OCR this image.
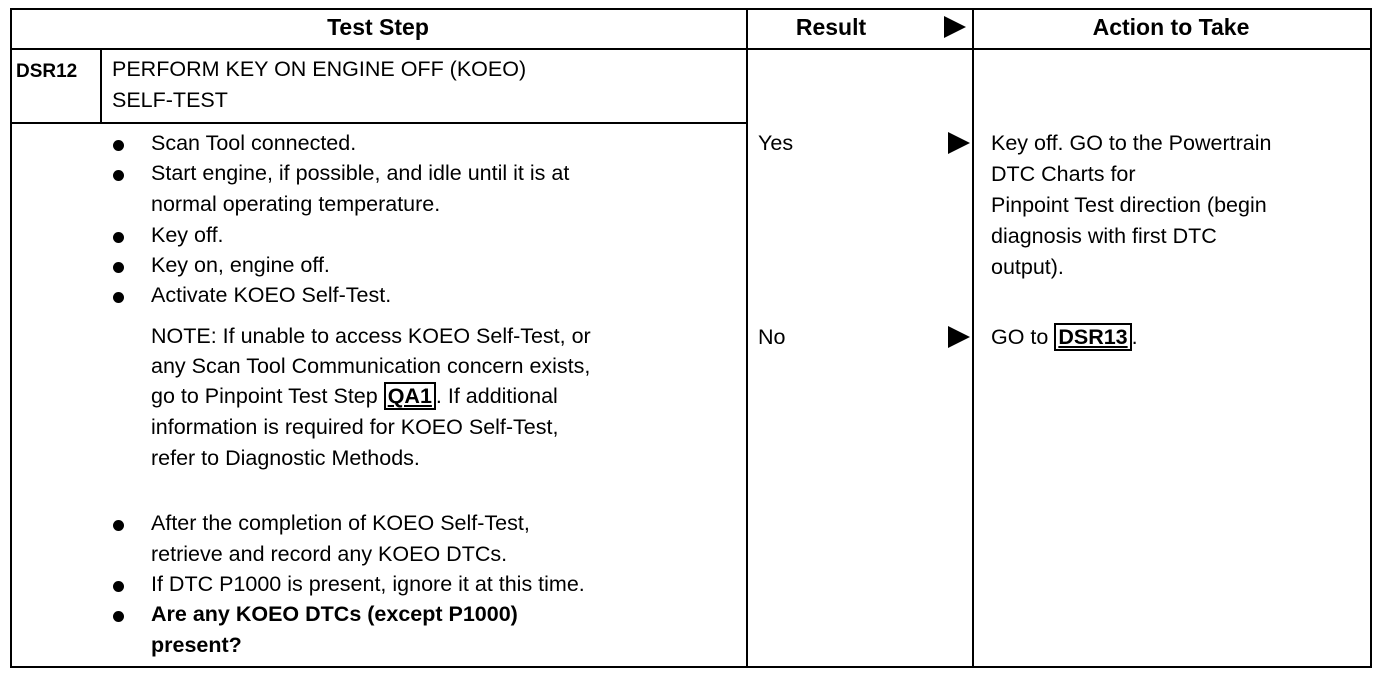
Test Step	Result	Action to Take
DSR12 PERFORM KEY ON ENGINE OFF (KOEO)
SELF-TEST
Scan Tool connected.
Start engine, if possible, and idle until it is at
normal operating temperature.
Key off.
Key on, engine off.
Activate KOEO Self-Test.
NOTE: If unable to access KOEO Self-Test, or
any Scan Tool Communication concern exists,
go to Pinpoint Test Step QA1 . If additional
information is required for KOEO Self-Test,
refer to Diagnostic Methods.
After the completion of KOEO Self-Test,
retrieve and record any KOEO DTCs.
If DTC P1000 is present, ignore it at this time.
Are any KOEO DTCs (except P1000)
present?
Yes
No
Key off. GO to the Powertrain
DTC Charts for
Pinpoint Test direction (begin
diagnosis with first DTC
output).
GO to DSR13 .
